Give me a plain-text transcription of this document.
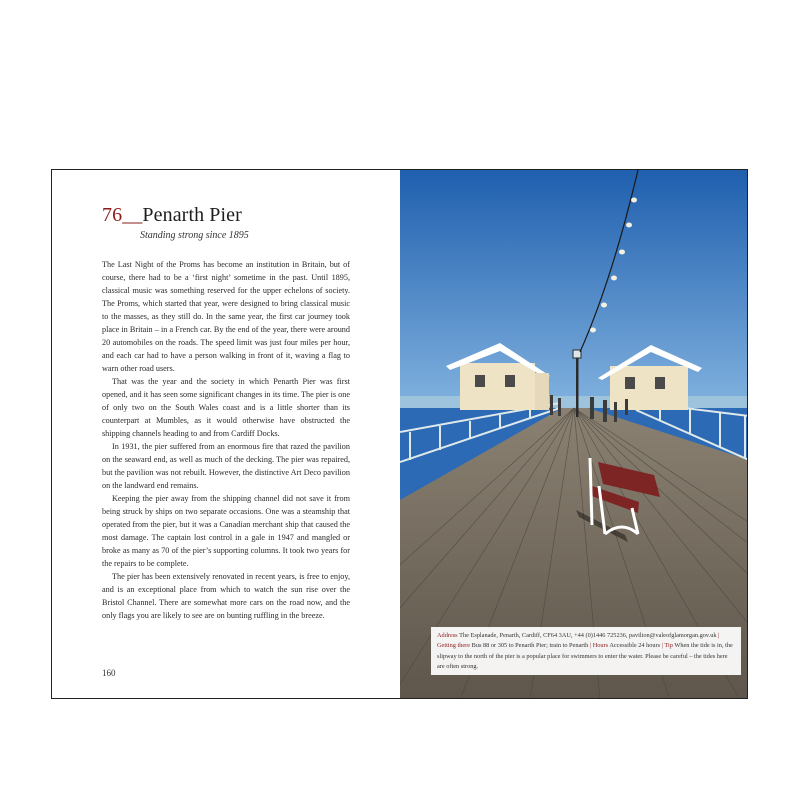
76__Penarth Pier

Standing strong since 1895

The Last Night of the Proms has become an institution in Britain, but of course, there had to be a ‘first night’ sometime in the past. Until 1895, classical music was something reserved for the upper echelons of society. The Proms, which started that year, were designed to bring classical music to the masses, as they still do. In the same year, the first car journey took place in Britain – in a French car. By the end of the year, there were around 20 automobiles on the roads. The speed limit was just four miles per hour, and each car had to have a person walking in front of it, waving a flag to warn other road users.

That was the year and the society in which Penarth Pier was first opened, and it has seen some significant changes in its time. The pier is one of only two on the South Wales coast and is a little shorter than its counterpart at Mumbles, as it would otherwise have obstructed the shipping channels heading to and from Cardiff Docks.

In 1931, the pier suffered from an enormous fire that razed the pavilion on the seaward end, as well as much of the decking. The pier was repaired, but the pavilion was not rebuilt. However, the distinctive Art Deco pavilion on the landward end remains.

Keeping the pier away from the shipping channel did not save it from being struck by ships on two separate occasions. One was a steamship that operated from the pier, but it was a Canadian merchant ship that caused the most damage. The captain lost control in a gale in 1947 and mangled or broke as many as 70 of the pier’s supporting columns. It took two years for the repairs to be complete.

The pier has been extensively renovated in recent years, is free to enjoy, and is an exceptional place from which to watch the sun rise over the Bristol Channel. There are somewhat more cars on the road now, and the only flags you are likely to see are on bunting ruffling in the breeze.

160
Address The Esplanade, Penarth, Cardiff, CF64 3AU, +44 (0)1446 725236, pavilion@valeofglamorgan.gov.uk | Getting there Bus 88 or 305 to Penarth Pier; train to Penarth | Hours Accessible 24 hours | Tip When the tide is in, the slipway to the north of the pier is a popular place for swimmers to enter the water. Please be careful – the tides here are often strong.
